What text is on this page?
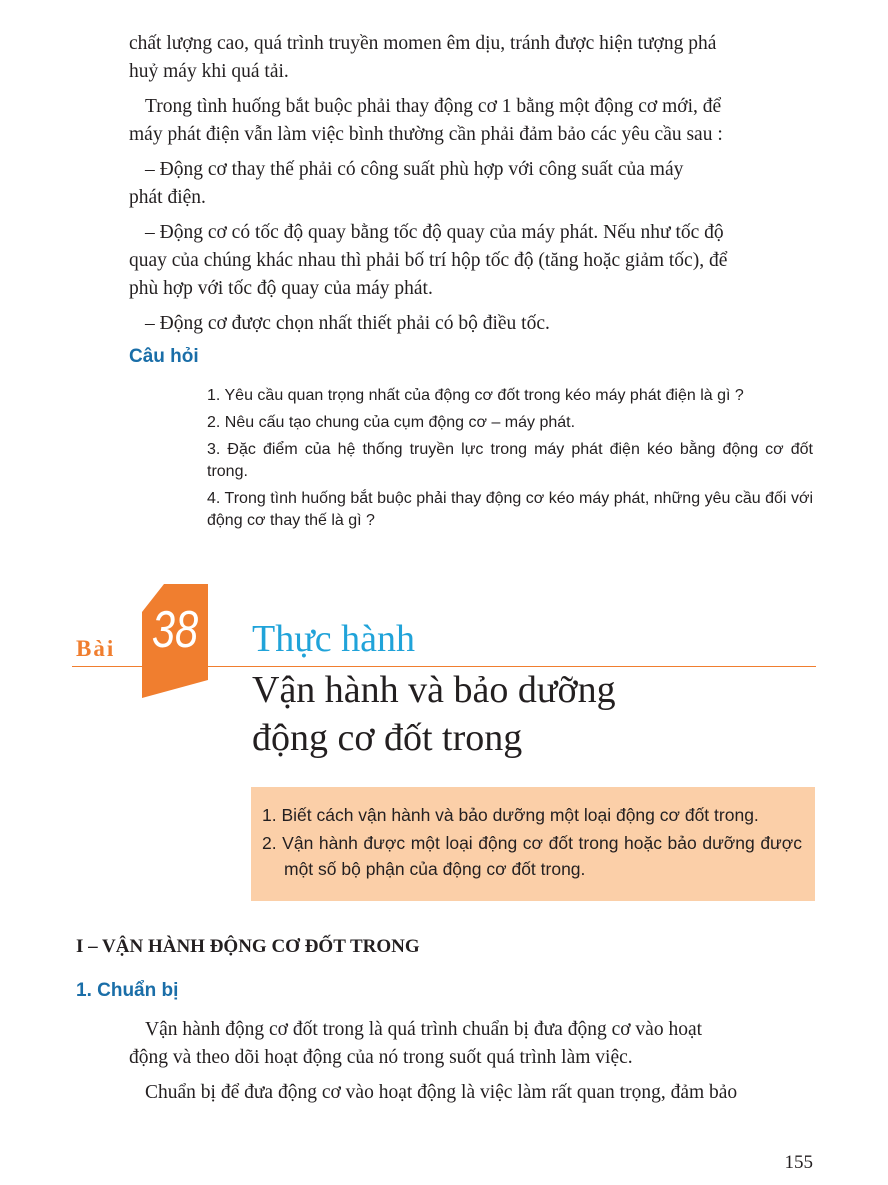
chất lượng cao, quá trình truyền momen êm dịu, tránh được hiện tượng phá

huỷ máy khi quá tải.

Trong tình huống bắt buộc phải thay động cơ 1 bằng một động cơ mới, để

máy phát điện vẫn làm việc bình thường cần phải đảm bảo các yêu cầu sau :

– Động cơ thay thế phải có công suất phù hợp với công suất của máy

phát điện.

– Động cơ có tốc độ quay bằng tốc độ quay của máy phát. Nếu như tốc độ

quay của chúng khác nhau thì phải bố trí hộp tốc độ (tăng hoặc giảm tốc), để

phù hợp với tốc độ quay của máy phát.

– Động cơ được chọn nhất thiết phải có bộ điều tốc.

Câu hỏi

1. Yêu cầu quan trọng nhất của động cơ đốt trong kéo máy phát điện là gì ?

2. Nêu cấu tạo chung của cụm động cơ – máy phát.

3. Đặc điểm của hệ thống truyền lực trong máy phát điện kéo bằng động cơ đốt trong.

4. Trong tình huống bắt buộc phải thay động cơ kéo máy phát, những yêu cầu đối với động cơ thay thế là gì ?

Bài 38 Thực hành
Vận hành và bảo dưỡng
động cơ đốt trong

1. Biết cách vận hành và bảo dưỡng một loại động cơ đốt trong.

2. Vận hành được một loại động cơ đốt trong hoặc bảo dưỡng được một số bộ phận của động cơ đốt trong.

I – VẬN HÀNH ĐỘNG CƠ ĐỐT TRONG
1. Chuẩn bị

Vận hành động cơ đốt trong là quá trình chuẩn bị đưa động cơ vào hoạt

động và theo dõi hoạt động của nó trong suốt quá trình làm việc.

Chuẩn bị để đưa động cơ vào hoạt động là việc làm rất quan trọng, đảm bảo

155
